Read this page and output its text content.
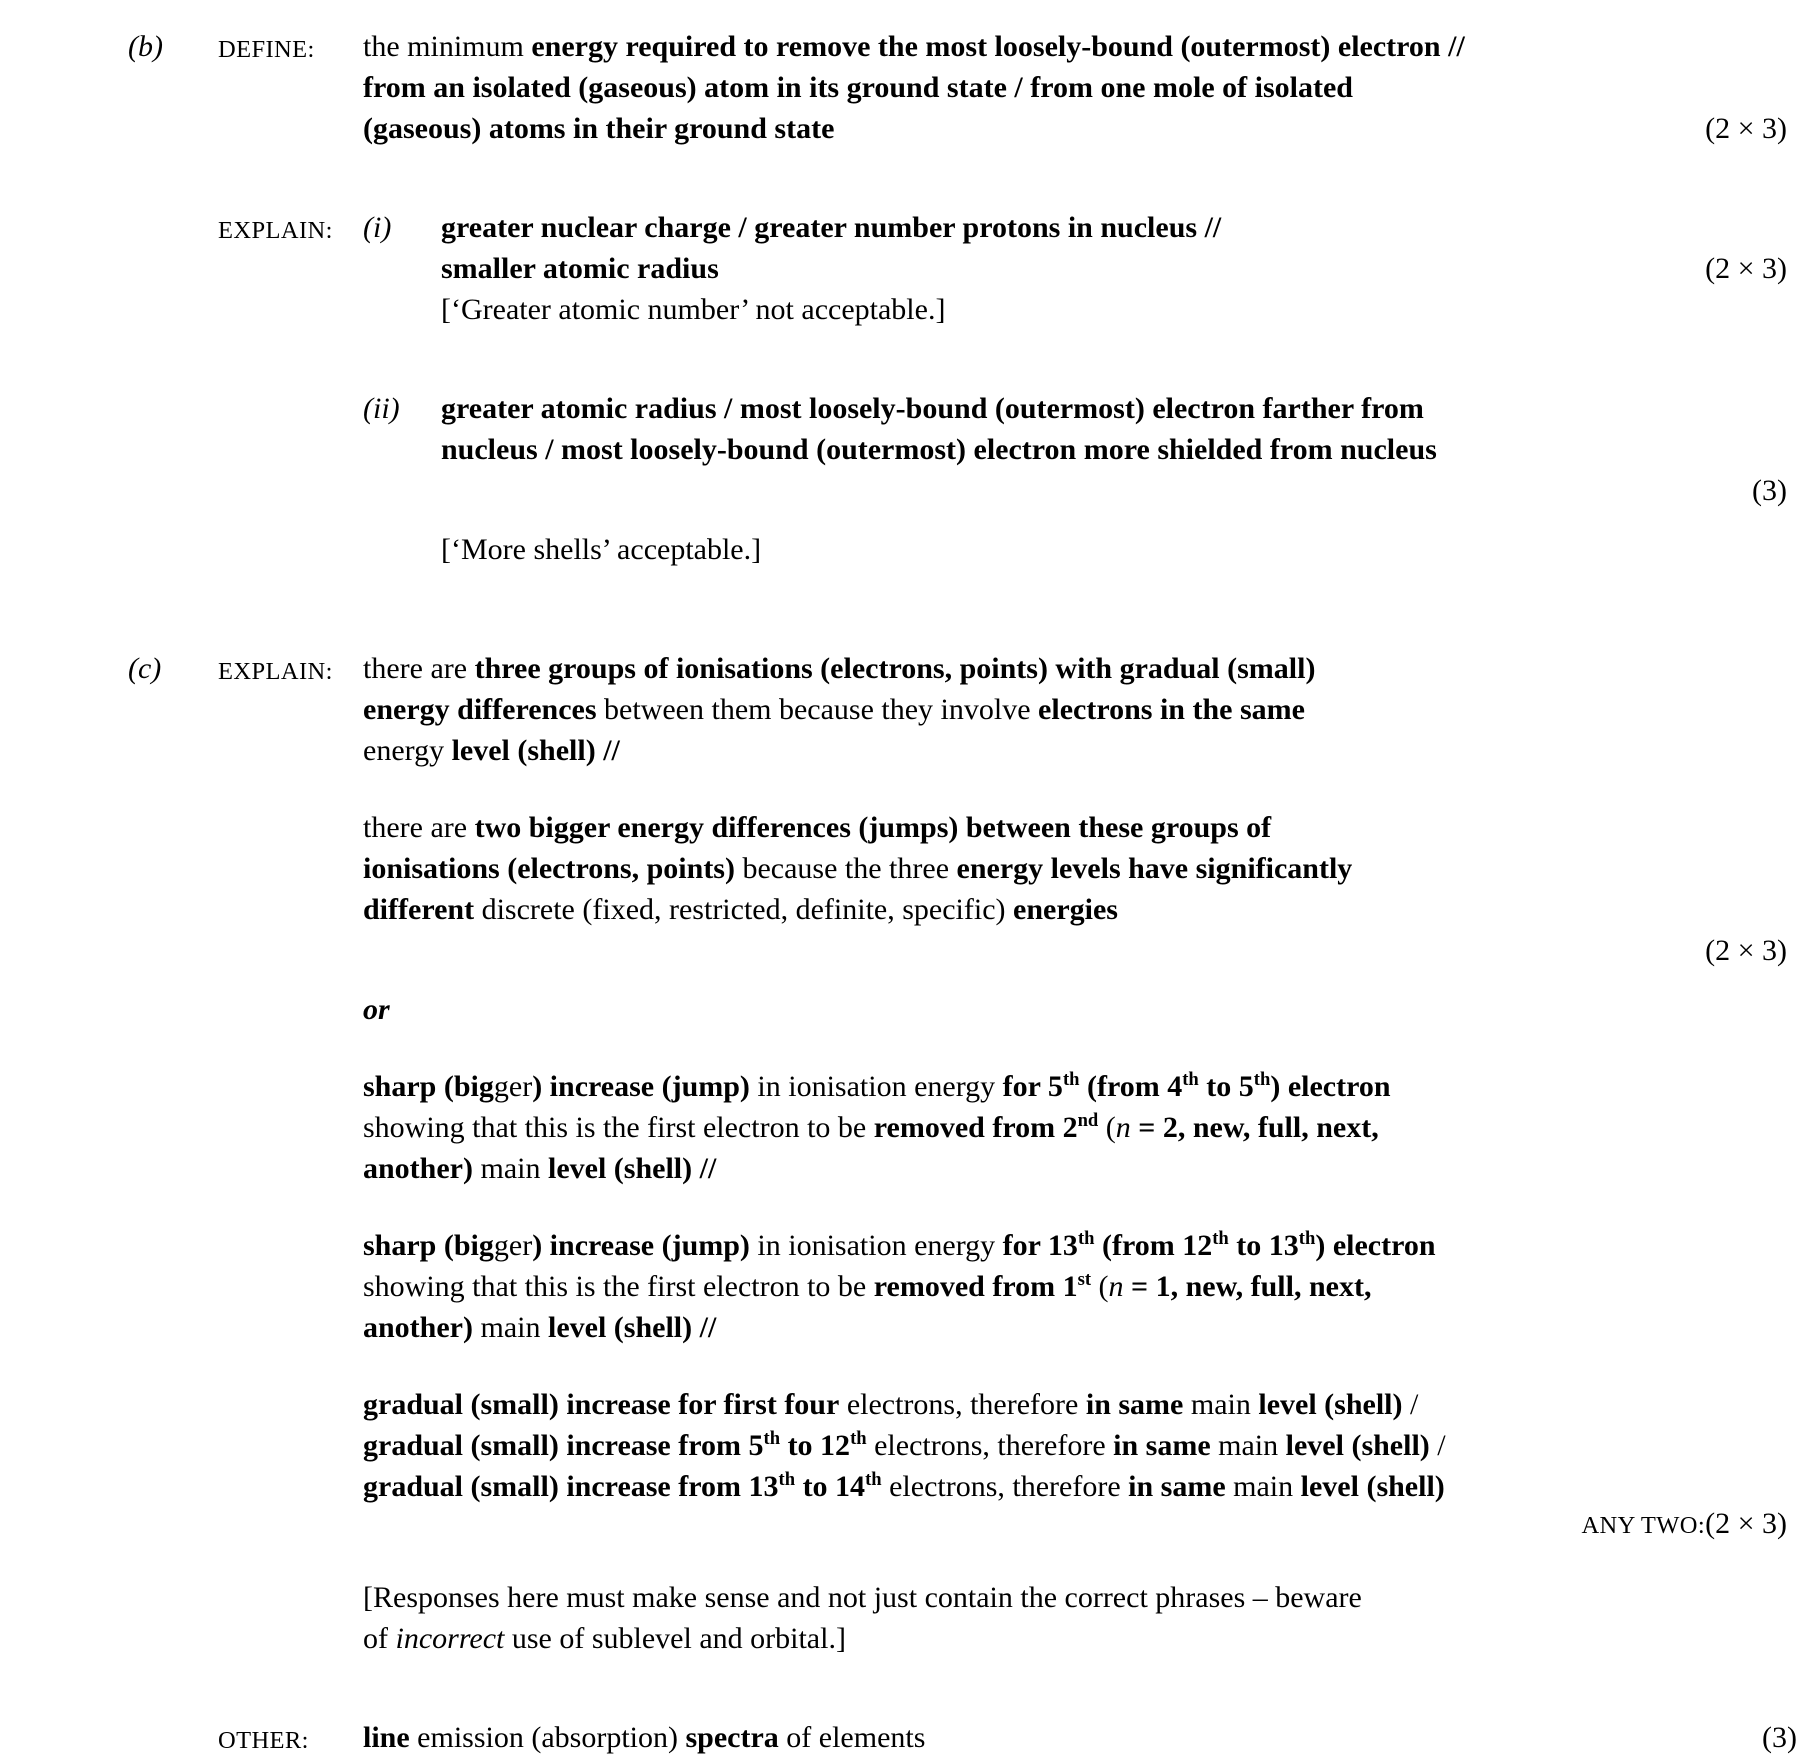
(b)	DEFINE:	the minimum energy required to remove the most loosely-bound (outermost) electron //
from an isolated (gaseous) atom in its ground state / from one mole of isolated
(gaseous) atoms in their ground state	(2 × 3)
EXPLAIN:	(i)	greater nuclear charge / greater number protons in nucleus //
smaller atomic radius	(2 × 3)
[‘Greater atomic number’ not acceptable.]

(ii)	greater atomic radius / most loosely-bound (outermost) electron farther from
nucleus / most loosely-bound (outermost) electron more shielded from nucleus
(3)
[‘More shells’ acceptable.]
(c)	EXPLAIN:	there are three groups of ionisations (electrons, points) with gradual (small)
energy differences between them because they involve electrons in the same
energy level (shell) //
there are two bigger energy differences (jumps) between these groups of
ionisations (electrons, points) because the three energy levels have significantly
different discrete (fixed, restricted, definite, specific) energies
(2 × 3)
or
sharp (bigger) increase (jump) in ionisation energy for 5th (from 4th to 5th) electron
showing that this is the first electron to be removed from 2nd (n = 2, new, full, next,
another) main level (shell) //
sharp (bigger) increase (jump) in ionisation energy for 13th (from 12th to 13th) electron
showing that this is the first electron to be removed from 1st (n = 1, new, full, next,
another) main level (shell) //
gradual (small) increase for first four electrons, therefore in same main level (shell) /
gradual (small) increase from 5th to 12th electrons, therefore in same main level (shell) /
gradual (small) increase from 13th to 14th electrons, therefore in same main level (shell)
ANY TWO:(2 × 3)
[Responses here must make sense and not just contain the correct phrases – beware
of incorrect use of sublevel and orbital.]
OTHER:	line emission (absorption) spectra of elements	(3)
